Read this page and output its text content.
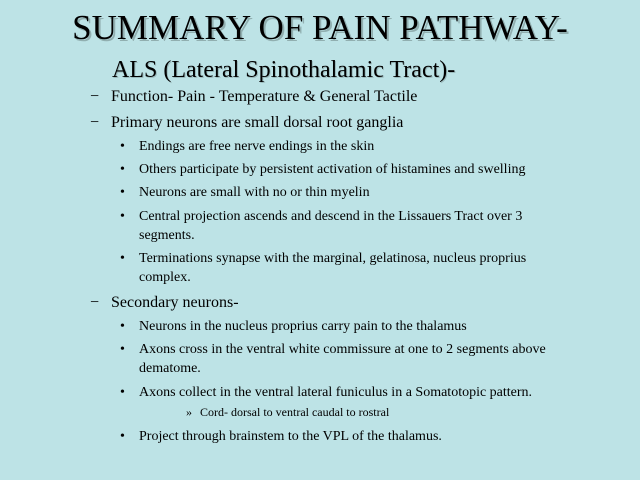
SUMMARY OF PAIN PATHWAY-
ALS (Lateral Spinothalamic Tract)-
− Function- Pain - Temperature & General Tactile
− Primary neurons are small dorsal root ganglia
• Endings are free nerve endings in the skin
• Others participate by persistent activation of histamines and swelling
• Neurons are small with no or thin myelin
• Central projection ascends and descend in the Lissauers Tract over 3
segments.
• Terminations synapse with the marginal, gelatinosa, nucleus proprius
complex.
− Secondary neurons-
• Neurons in the nucleus proprius carry pain to the thalamus
• Axons cross in the ventral white commissure at one to 2 segments above
dematome.
• Axons collect in the ventral lateral funiculus in a Somatotopic pattern.
» Cord- dorsal to ventral caudal to rostral
• Project through brainstem to the VPL of the thalamus.
